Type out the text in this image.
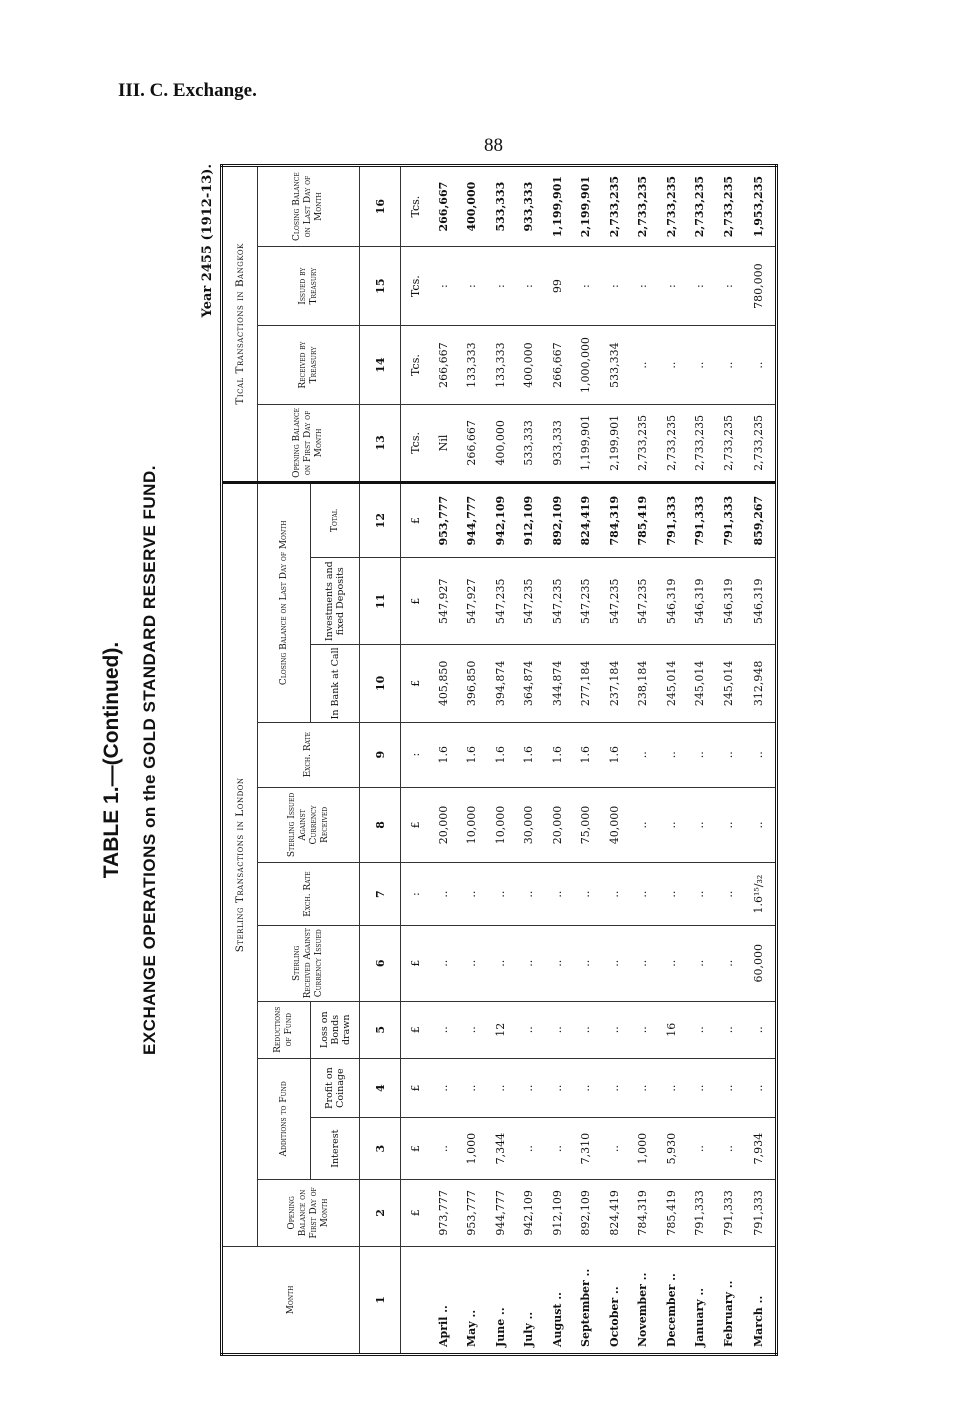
III. C. Exchange.
88
TABLE 1.—(Continued). EXCHANGE OPERATIONS on the GOLD STANDARD RESERVE FUND.
Year 2455 (1912-13).
Month	Sterling Transactions in London											Tical Transactions in Bangkok			
	Opening Balance on First Day of Month	Additions to Fund		Reductions of Fund	Sterling Received Against Currency Issued	Exch. Rate	Sterling Issued Against Currency Received	Exch. Rate	Closing Balance on Last Day of Month			Opening Balance on First Day of Month	Received by Treasury	Issued by Treasury	Closing Balance on Last Day of Month
		Interest	Profit on Coinage	Loss on Bonds drawn					In Bank at Call	Investments and fixed Deposits	Total				
1	2	3	4	5	6	7	8	9	10	11	12	13	14	15	16
	£	£	£	£	£	:	£	:	£	£	£	Tcs.	Tcs.	Tcs.	Tcs.
April ..	973,777	..	..	..	..	..	20,000	1.6	405,850	547,927	953,777	Nil	266,667	:	266,667
May ..	953,777	1,000	..	..	..	..	10,000	1.6	396,850	547,927	944,777	266,667	133,333	:	400,000
June ..	944,777	7,344	..	12	..	..	10,000	1.6	394,874	547,235	942,109	400,000	133,333	:	533,333
July ..	942,109	..	..	..	..	..	30,000	1.6	364,874	547,235	912,109	533,333	400,000	:	933,333
August ..	912,109	..	..	..	..	..	20,000	1.6	344,874	547,235	892,109	933,333	266,667	99	1,199,901
September ..	892,109	7,310	..	..	..	..	75,000	1.6	277,184	547,235	824,419	1,199,901	1,000,000	:	2,199,901
October ..	824,419	..	..	..	..	..	40,000	1.6	237,184	547,235	784,319	2,199,901	533,334	:	2,733,235
November ..	784,319	1,000	..	..	..	..	..	..	238,184	547,235	785,419	2,733,235	..	:	2,733,235
December ..	785,419	5,930	..	16	..	..	..	..	245,014	546,319	791,333	2,733,235	..	:	2,733,235
January ..	791,333	..	..	..	..	..	..	..	245,014	546,319	791,333	2,733,235	..	:	2,733,235
February ..	791,333	..	..	..	..	..	..	..	245,014	546,319	791,333	2,733,235	..	:	2,733,235
March ..	791,333	7,934	..	..	60,000	1.6¹⁵/₃₂	..	..	312,948	546,319	859,267	2,733,235	..	780,000	1,953,235
